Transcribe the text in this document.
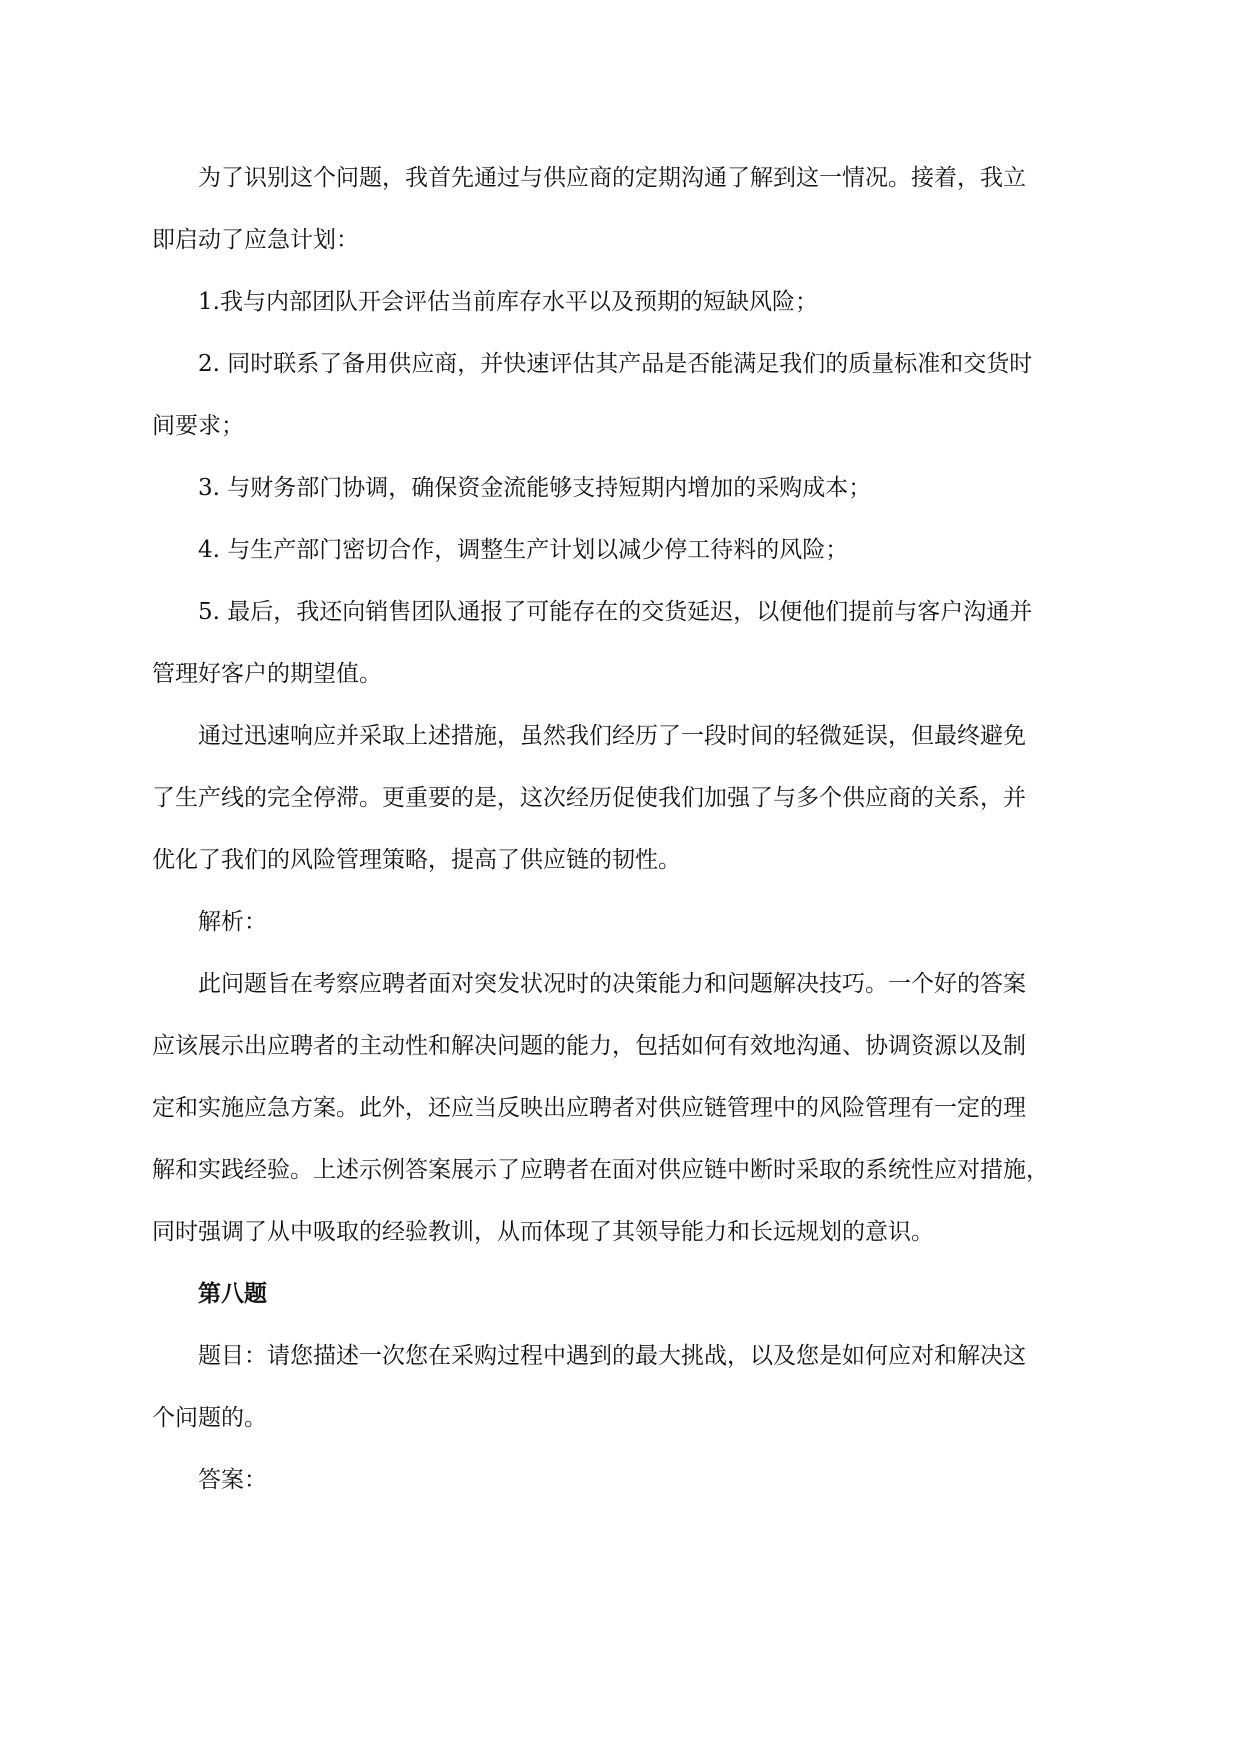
为了识别这个问题，我首先通过与供应商的定期沟通了解到这一情况。接着，我立
即启动了应急计划：

1.我与内部团队开会评估当前库存水平以及预期的短缺风险；

2. 同时联系了备用供应商，并快速评估其产品是否能满足我们的质量标准和交货时
间要求；

3. 与财务部门协调，确保资金流能够支持短期内增加的采购成本；

4. 与生产部门密切合作，调整生产计划以减少停工待料的风险；

5. 最后，我还向销售团队通报了可能存在的交货延迟，以便他们提前与客户沟通并
管理好客户的期望值。

通过迅速响应并采取上述措施，虽然我们经历了一段时间的轻微延误，但最终避免
了生产线的完全停滞。更重要的是，这次经历促使我们加强了与多个供应商的关系，并
优化了我们的风险管理策略，提高了供应链的韧性。

解析：

此问题旨在考察应聘者面对突发状况时的决策能力和问题解决技巧。一个好的答案
应该展示出应聘者的主动性和解决问题的能力，包括如何有效地沟通、协调资源以及制
定和实施应急方案。此外，还应当反映出应聘者对供应链管理中的风险管理有一定的理
解和实践经验。上述示例答案展示了应聘者在面对供应链中断时采取的系统性应对措施，
同时强调了从中吸取的经验教训，从而体现了其领导能力和长远规划的意识。

第八题

题目：请您描述一次您在采购过程中遇到的最大挑战，以及您是如何应对和解决这
个问题的。

答案：
